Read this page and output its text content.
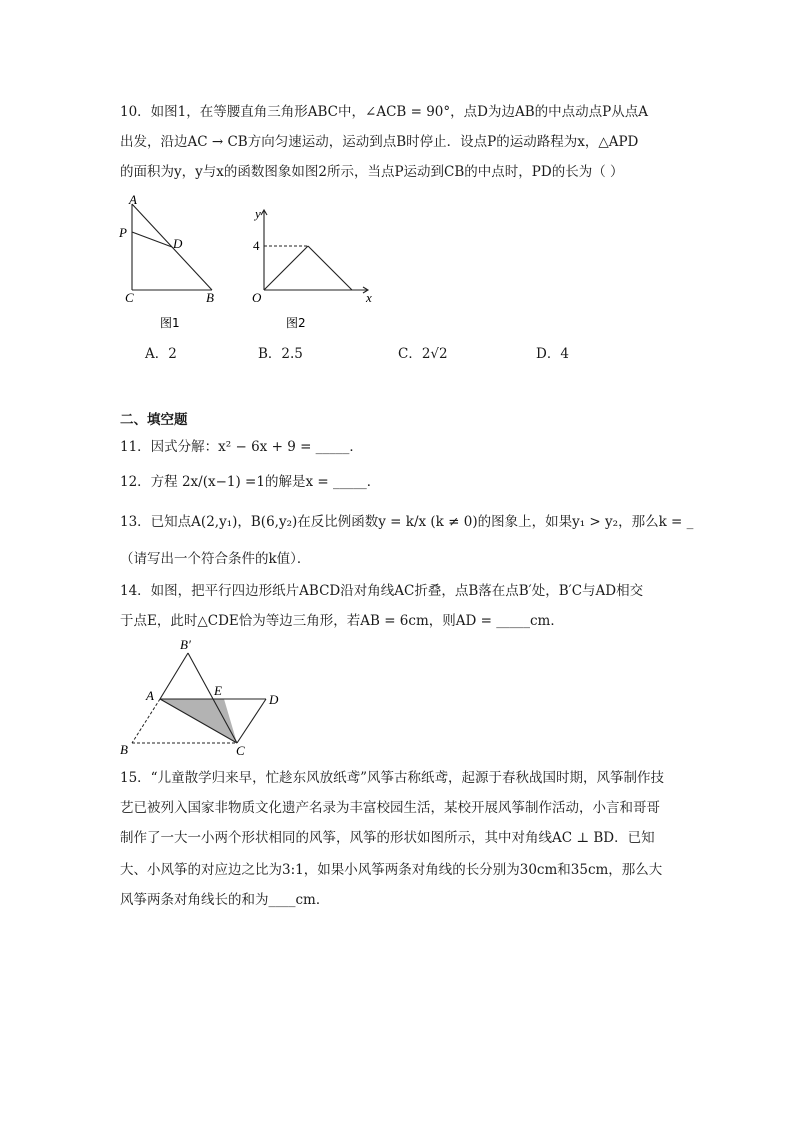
10．如图1，在等腰直角三角形ABC中，∠ACB = 90°，点D为边AB的中点动点P从点A
出发，沿边AC → CB方向匀速运动，运动到点B时停止．设点P的运动路程为x，△APD
的面积为y，y与x的函数图象如图2所示，当点P运动到CB的中点时，PD的长为（ ）
A
P
D
C	B
图1
y
x
O
4
图2
A．2	B．2.5	C．2√2	D．4
二、填空题
11．因式分解：x² − 6x + 9 = _____．
12．方程 2x/(x−1) =1的解是x = _____．
13．已知点A(2,y₁)，B(6,y₂)在反比例函数y = k/x (k ≠ 0)的图象上，如果y₁ > y₂，那么k = _
（请写出一个符合条件的k值）．
14．如图，把平行四边形纸片ABCD沿对角线AC折叠，点B落在点B′处，B′C与AD相交
于点E，此时△CDE恰为等边三角形，若AB = 6cm，则AD = _____cm．
B′
A	E
D
B	C
15．“儿童散学归来早，忙趁东风放纸鸢”风筝古称纸鸢，起源于春秋战国时期，风筝制作技
艺已被列入国家非物质文化遗产名录为丰富校园生活，某校开展风筝制作活动，小言和哥哥
制作了一大一小两个形状相同的风筝，风筝的形状如图所示，其中对角线AC ⊥ BD．已知
大、小风筝的对应边之比为3:1，如果小风筝两条对角线的长分别为30cm和35cm，那么大
风筝两条对角线长的和为____cm．
